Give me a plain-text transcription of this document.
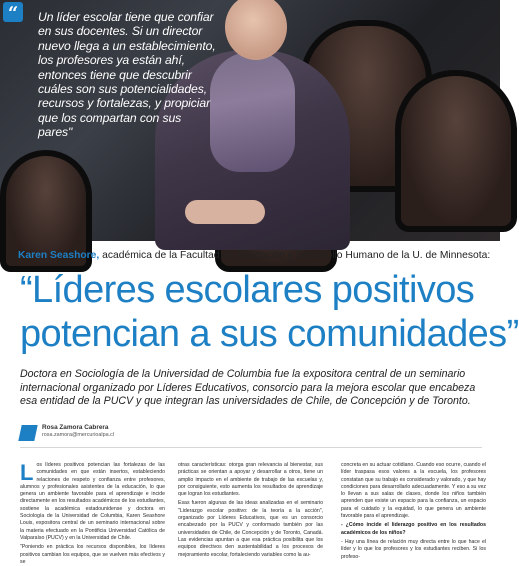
“	Un líder escolar tiene que confiar en sus docentes. Si un director nuevo llega a un establecimiento, los profesores ya están ahí, entonces tiene que descubrir cuáles son sus potencialidades, recursos y fortalezas, y propiciar que los compartan con sus pares"
Karen Seashore, académica de la Facultad de Educación y Desarrollo Humano de la U. de Minnesota:
“Líderes escolares positivos
potencian a sus comunidades”
Doctora en Sociología de la Universidad de Columbia fue la expositora central de un seminario internacional organizado por Líderes Educativos, consorcio para la mejora escolar que encabeza esa entidad de la PUCV y que integran las universidades de Chile, de Concepción y de Toronto.
Rosa Zamora Cabrera
rosa.zamora@mercurioalpa.cl

Los líderes positivos potencian las fortalezas de las comunidades en que están insertos, estableciendo relaciones de respeto y confianza entre profesores, alumnos y profesionales asistentes de la educación, lo que genera un ambiente favorable para el aprendizaje e incide directamente en los resultados académicos de los estudiantes, sostiene la académica estadounidense y doctora en Sociología de la Universidad de Columbia, Karen Seashore Louis, expositora central de un seminario internacional sobre la materia efectuado en la Pontificia Universidad Católica de Valparaíso (PUCV) y en la Universidad de Chile.

"Poniendo en práctica los recursos disponibles, los líderes positivos cambian los equipos, que se vuelven más efectivos y se

otras características: otorga gran relevancia al bienestar, sus prácticas se orientan a apoyar y desarrollar a otros, tiene un amplio impacto en el ambiente de trabajo de las escuelas y, por consiguiente, esto aumenta los resultados de aprendizaje que logran los estudiantes.

Esas fueron algunas de las ideas analizadas en el seminario "Liderazgo escolar positivo: de la teoría a la acción", organizado por Líderes Educativos, que es un consorcio encabezado por la PUCV y conformado también por las universidades de Chile, de Concepción y de Toronto, Canadá. Las evidencias apuntan a que esa práctica posibilita que los equipos directivos den sustentabilidad a los procesos de mejoramiento escolar, fortaleciendo variables como la au-

concreta en su actuar cotidiano. Cuando eso ocurre, cuando el líder traspasa esos valores a la escuela, los profesores constatan que su trabajo es considerado y valorado, y que hay condiciones para desarrollarlo adecuadamente. Y eso a su vez lo llevan a sus salas de clases, donde los niños también aprenden que existe un espacio para la confianza, un espacio para el cuidado y la equidad, lo que genera un ambiente favorable para el aprendizaje.

- ¿Cómo incide el liderazgo positivo en los resultados académicos de los niños?

- Hay una línea de relación muy directa entre lo que hace el líder y lo que los profesores y los estudiantes reciben. Si los profeso-
